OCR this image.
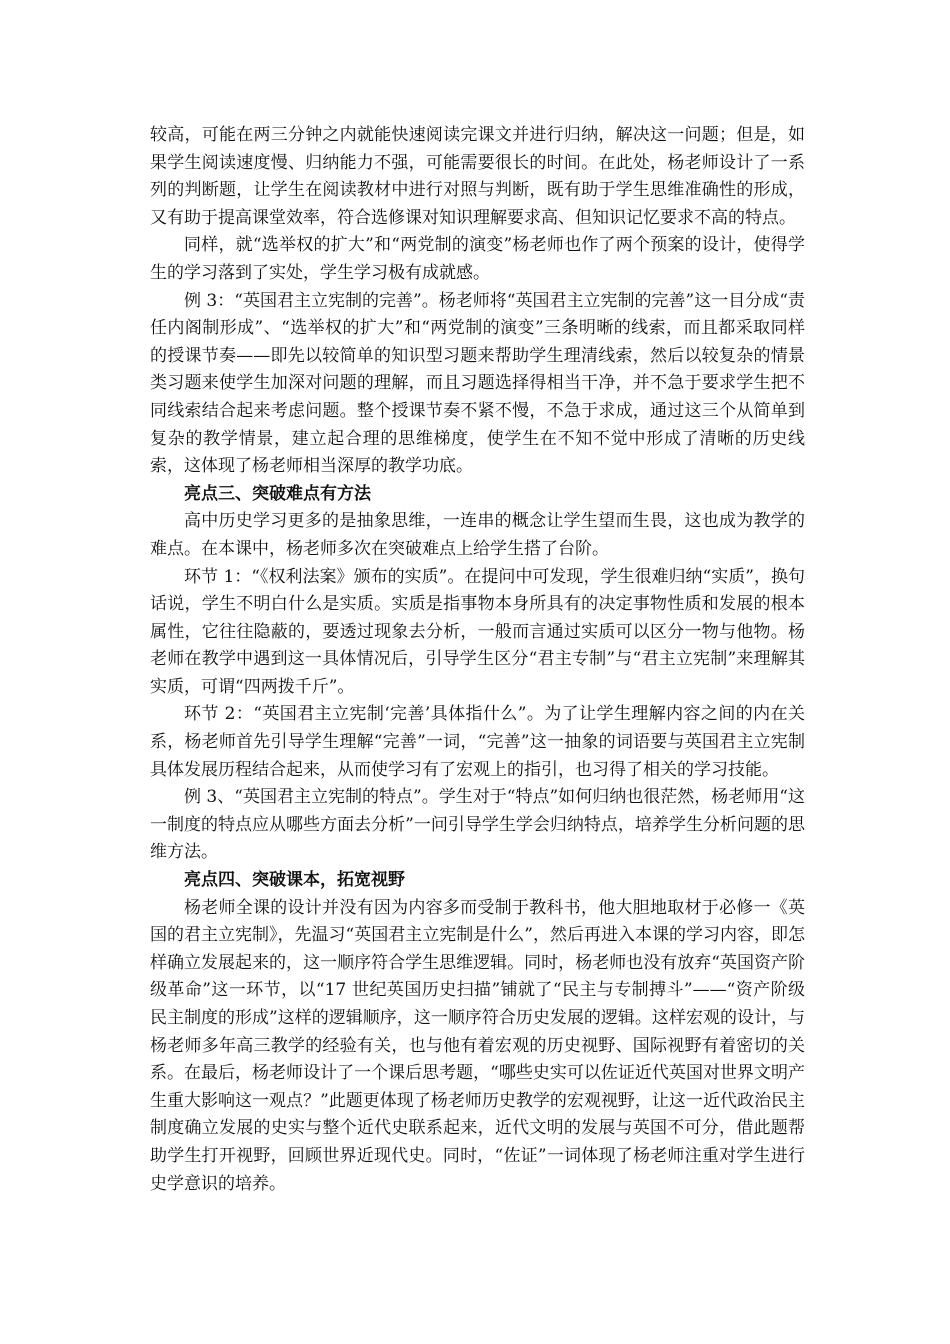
较高，可能在两三分钟之内就能快速阅读完课文并进行归纳，解决这一问题；但是，如果学生阅读速度慢、归纳能力不强，可能需要很长的时间。在此处，杨老师设计了一系列的判断题，让学生在阅读教材中进行对照与判断，既有助于学生思维准确性的形成，又有助于提高课堂效率，符合选修课对知识理解要求高、但知识记忆要求不高的特点。

同样，就“选举权的扩大”和“两党制的演变”杨老师也作了两个预案的设计，使得学生的学习落到了实处，学生学习极有成就感。

例 3：“英国君主立宪制的完善”。杨老师将“英国君主立宪制的完善”这一目分成“责任内阁制形成”、“选举权的扩大”和“两党制的演变”三条明晰的线索，而且都采取同样的授课节奏——即先以较简单的知识型习题来帮助学生理清线索，然后以较复杂的情景类习题来使学生加深对问题的理解，而且习题选择得相当干净，并不急于要求学生把不同线索结合起来考虑问题。整个授课节奏不紧不慢，不急于求成，通过这三个从简单到复杂的教学情景，建立起合理的思维梯度，使学生在不知不觉中形成了清晰的历史线索，这体现了杨老师相当深厚的教学功底。

亮点三、突破难点有方法

高中历史学习更多的是抽象思维，一连串的概念让学生望而生畏，这也成为教学的难点。在本课中，杨老师多次在突破难点上给学生搭了台阶。

环节 1：“《权利法案》颁布的实质”。在提问中可发现，学生很难归纳“实质”，换句话说，学生不明白什么是实质。实质是指事物本身所具有的决定事物性质和发展的根本属性，它往往隐蔽的，要透过现象去分析，一般而言通过实质可以区分一物与他物。杨老师在教学中遇到这一具体情况后，引导学生区分“君主专制”与“君主立宪制”来理解其实质，可谓“四两拨千斤”。

环节 2：“英国君主立宪制‘完善’具体指什么”。为了让学生理解内容之间的内在关系，杨老师首先引导学生理解“完善”一词，“完善”这一抽象的词语要与英国君主立宪制具体发展历程结合起来，从而使学习有了宏观上的指引，也习得了相关的学习技能。

例 3、“英国君主立宪制的特点”。学生对于“特点”如何归纳也很茫然，杨老师用“这一制度的特点应从哪些方面去分析”一问引导学生学会归纳特点，培养学生分析问题的思维方法。

亮点四、突破课本，拓宽视野

杨老师全课的设计并没有因为内容多而受制于教科书，他大胆地取材于必修一《英国的君主立宪制》，先温习“英国君主立宪制是什么”，然后再进入本课的学习内容，即怎样确立发展起来的，这一顺序符合学生思维逻辑。同时，杨老师也没有放弃“英国资产阶级革命”这一环节，以“17 世纪英国历史扫描”铺就了“民主与专制搏斗”——“资产阶级民主制度的形成”这样的逻辑顺序，这一顺序符合历史发展的逻辑。这样宏观的设计，与杨老师多年高三教学的经验有关，也与他有着宏观的历史视野、国际视野有着密切的关系。在最后，杨老师设计了一个课后思考题，“哪些史实可以佐证近代英国对世界文明产生重大影响这一观点？”此题更体现了杨老师历史教学的宏观视野，让这一近代政治民主制度确立发展的史实与整个近代史联系起来，近代文明的发展与英国不可分，借此题帮助学生打开视野，回顾世界近现代史。同时，“佐证”一词体现了杨老师注重对学生进行史学意识的培养。
